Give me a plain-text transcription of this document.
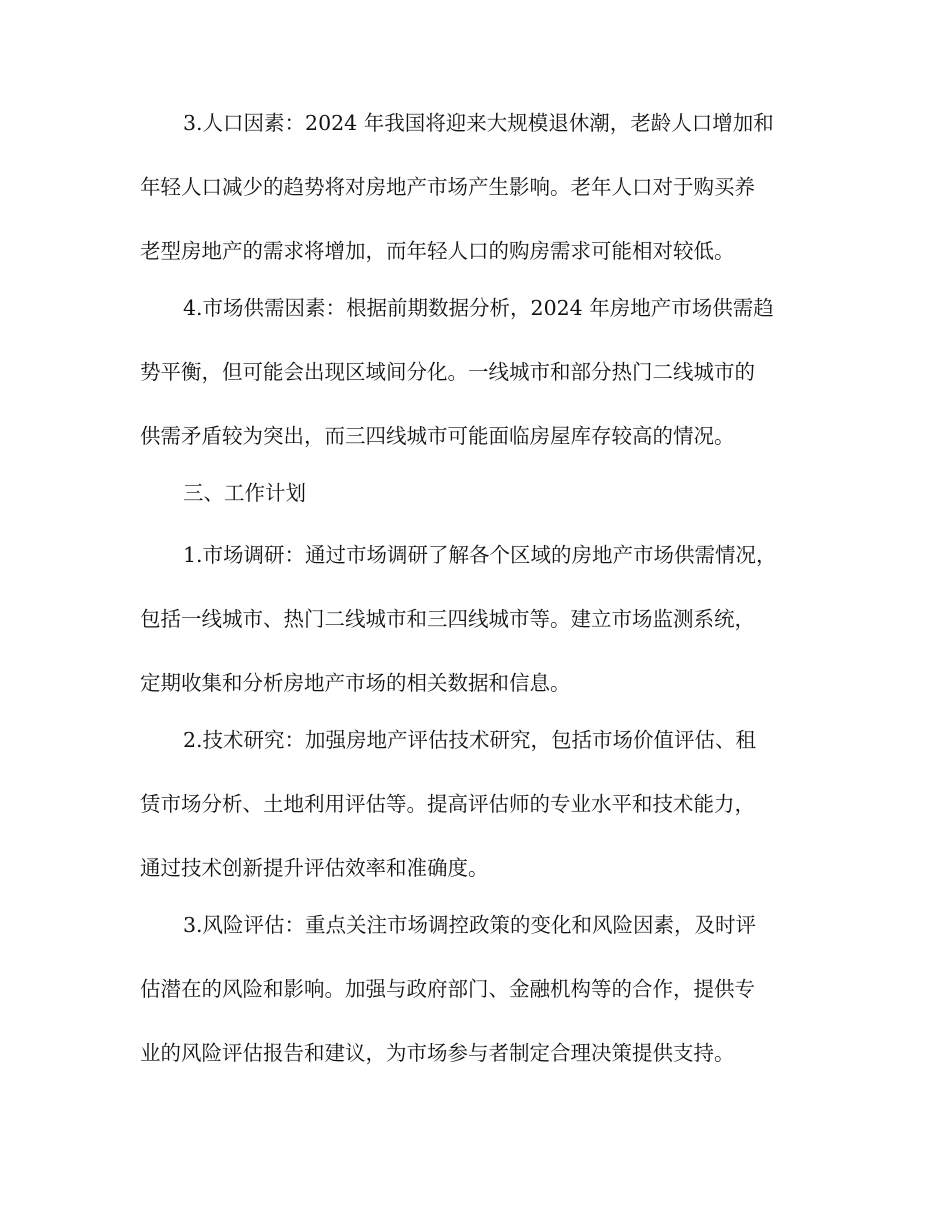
3.人口因素：2024 年我国将迎来大规模退休潮，老龄人口增加和
年轻人口减少的趋势将对房地产市场产生影响。老年人口对于购买养
老型房地产的需求将增加，而年轻人口的购房需求可能相对较低。
4.市场供需因素：根据前期数据分析，2024 年房地产市场供需趋
势平衡，但可能会出现区域间分化。一线城市和部分热门二线城市的
供需矛盾较为突出，而三四线城市可能面临房屋库存较高的情况。
三、工作计划
1.市场调研：通过市场调研了解各个区域的房地产市场供需情况，
包括一线城市、热门二线城市和三四线城市等。建立市场监测系统，
定期收集和分析房地产市场的相关数据和信息。
2.技术研究：加强房地产评估技术研究，包括市场价值评估、租
赁市场分析、土地利用评估等。提高评估师的专业水平和技术能力，
通过技术创新提升评估效率和准确度。
3.风险评估：重点关注市场调控政策的变化和风险因素，及时评
估潜在的风险和影响。加强与政府部门、金融机构等的合作，提供专
业的风险评估报告和建议，为市场参与者制定合理决策提供支持。
